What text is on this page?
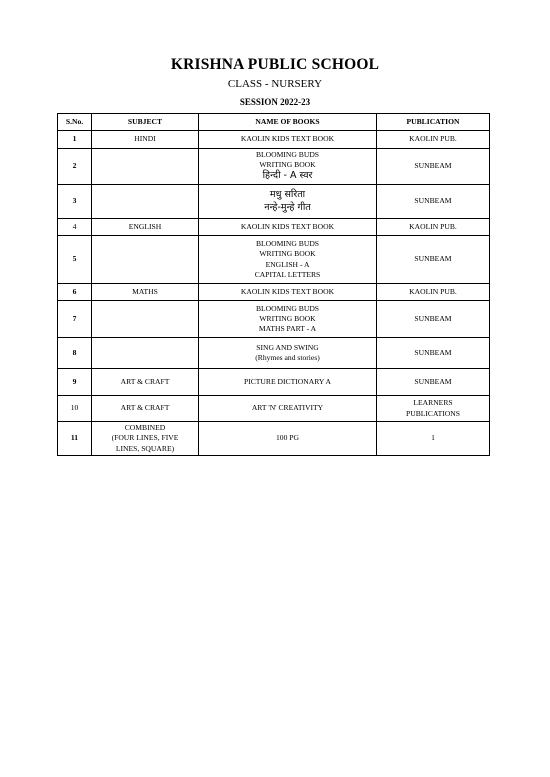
KRISHNA PUBLIC SCHOOL
CLASS - NURSERY
SESSION 2022-23
S.No.	SUBJECT	NAME OF BOOKS	PUBLICATION
1	HINDI	KAOLIN KIDS TEXT BOOK	KAOLIN PUB.

2		BLOOMING BUDS
WRITING BOOK
हिन्दी - A स्वर	SUNBEAM

3		मधु सरिता
नन्हे-मुन्हे गीत	SUNBEAM

4	ENGLISH	KAOLIN KIDS TEXT BOOK	KAOLIN PUB.

5		BLOOMING BUDS
WRITING BOOK
ENGLISH - A
CAPITAL LETTERS	SUNBEAM

6	MATHS	KAOLIN KIDS TEXT BOOK	KAOLIN PUB.

7		BLOOMING BUDS
WRITING BOOK
MATHS PART - A	SUNBEAM

8		SING AND SWING
(Rhymes and stories)	SUNBEAM

9	ART & CRAFT	PICTURE DICTIONARY A	SUNBEAM

10	ART & CRAFT	ART 'N' CREATIVITY	LEARNERS
PUBLICATIONS

11	COMBINED
(FOUR LINES, FIVE
LINES, SQUARE)	100 PG	1
